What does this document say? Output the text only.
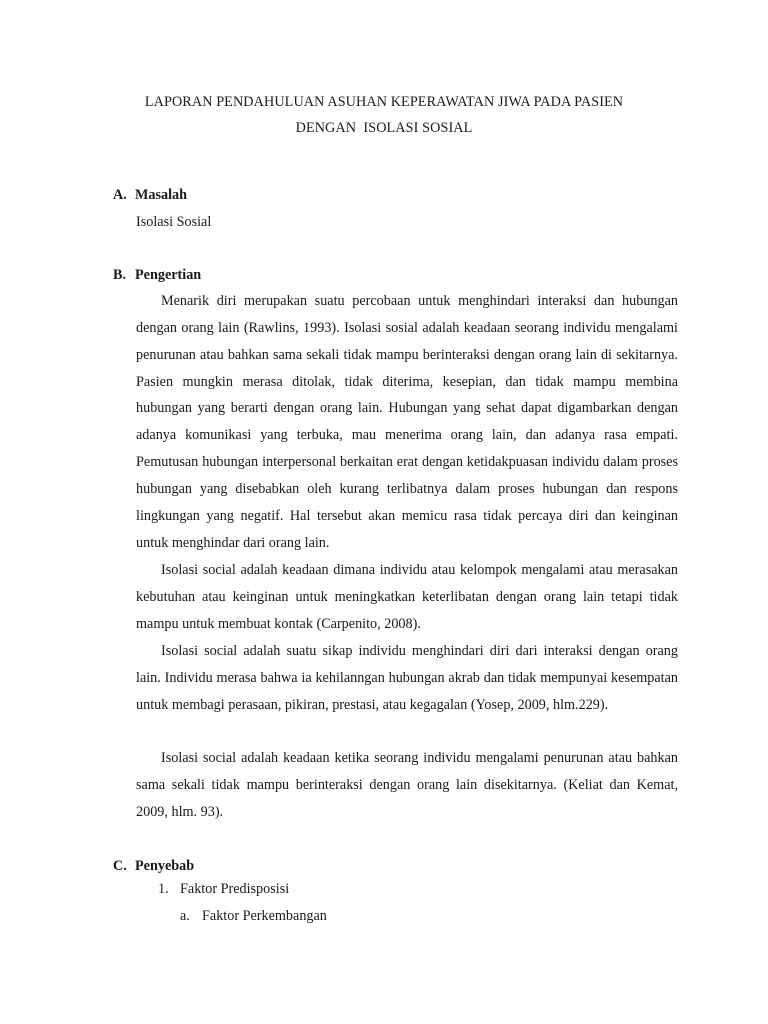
LAPORAN PENDAHULUAN ASUHAN KEPERAWATAN JIWA PADA PASIEN
DENGAN  ISOLASI SOSIAL
A. Masalah
Isolasi Sosial
B. Pengertian

Menarik diri merupakan suatu percobaan untuk menghindari interaksi dan hubungan dengan orang lain (Rawlins, 1993). Isolasi sosial adalah keadaan seorang individu mengalami penurunan atau bahkan sama sekali tidak mampu berinteraksi dengan orang lain di sekitarnya. Pasien mungkin merasa ditolak, tidak diterima, kesepian, dan tidak mampu membina hubungan yang berarti dengan orang lain. Hubungan yang sehat dapat digambarkan dengan adanya komunikasi yang terbuka, mau menerima orang lain, dan adanya rasa empati. Pemutusan hubungan interpersonal berkaitan erat dengan ketidakpuasan individu dalam proses hubungan yang disebabkan oleh kurang terlibatnya dalam proses hubungan dan respons lingkungan yang negatif. Hal tersebut akan memicu rasa tidak percaya diri dan keinginan untuk menghindar dari orang lain.

Isolasi social adalah keadaan dimana individu atau kelompok mengalami atau merasakan kebutuhan atau keinginan untuk meningkatkan keterlibatan dengan orang lain tetapi tidak mampu untuk membuat kontak (Carpenito, 2008).

Isolasi social adalah suatu sikap individu menghindari diri dari interaksi dengan orang lain. Individu merasa bahwa ia kehilanngan hubungan akrab dan tidak mempunyai kesempatan untuk membagi perasaan, pikiran, prestasi, atau kegagalan (Yosep, 2009, hlm.229).

Isolasi social adalah keadaan ketika seorang individu mengalami penurunan atau bahkan sama sekali tidak mampu berinteraksi dengan orang lain disekitarnya. (Keliat dan Kemat, 2009, hlm. 93).

C. Penyebab
1. Faktor Predisposisi
a. Faktor Perkembangan
